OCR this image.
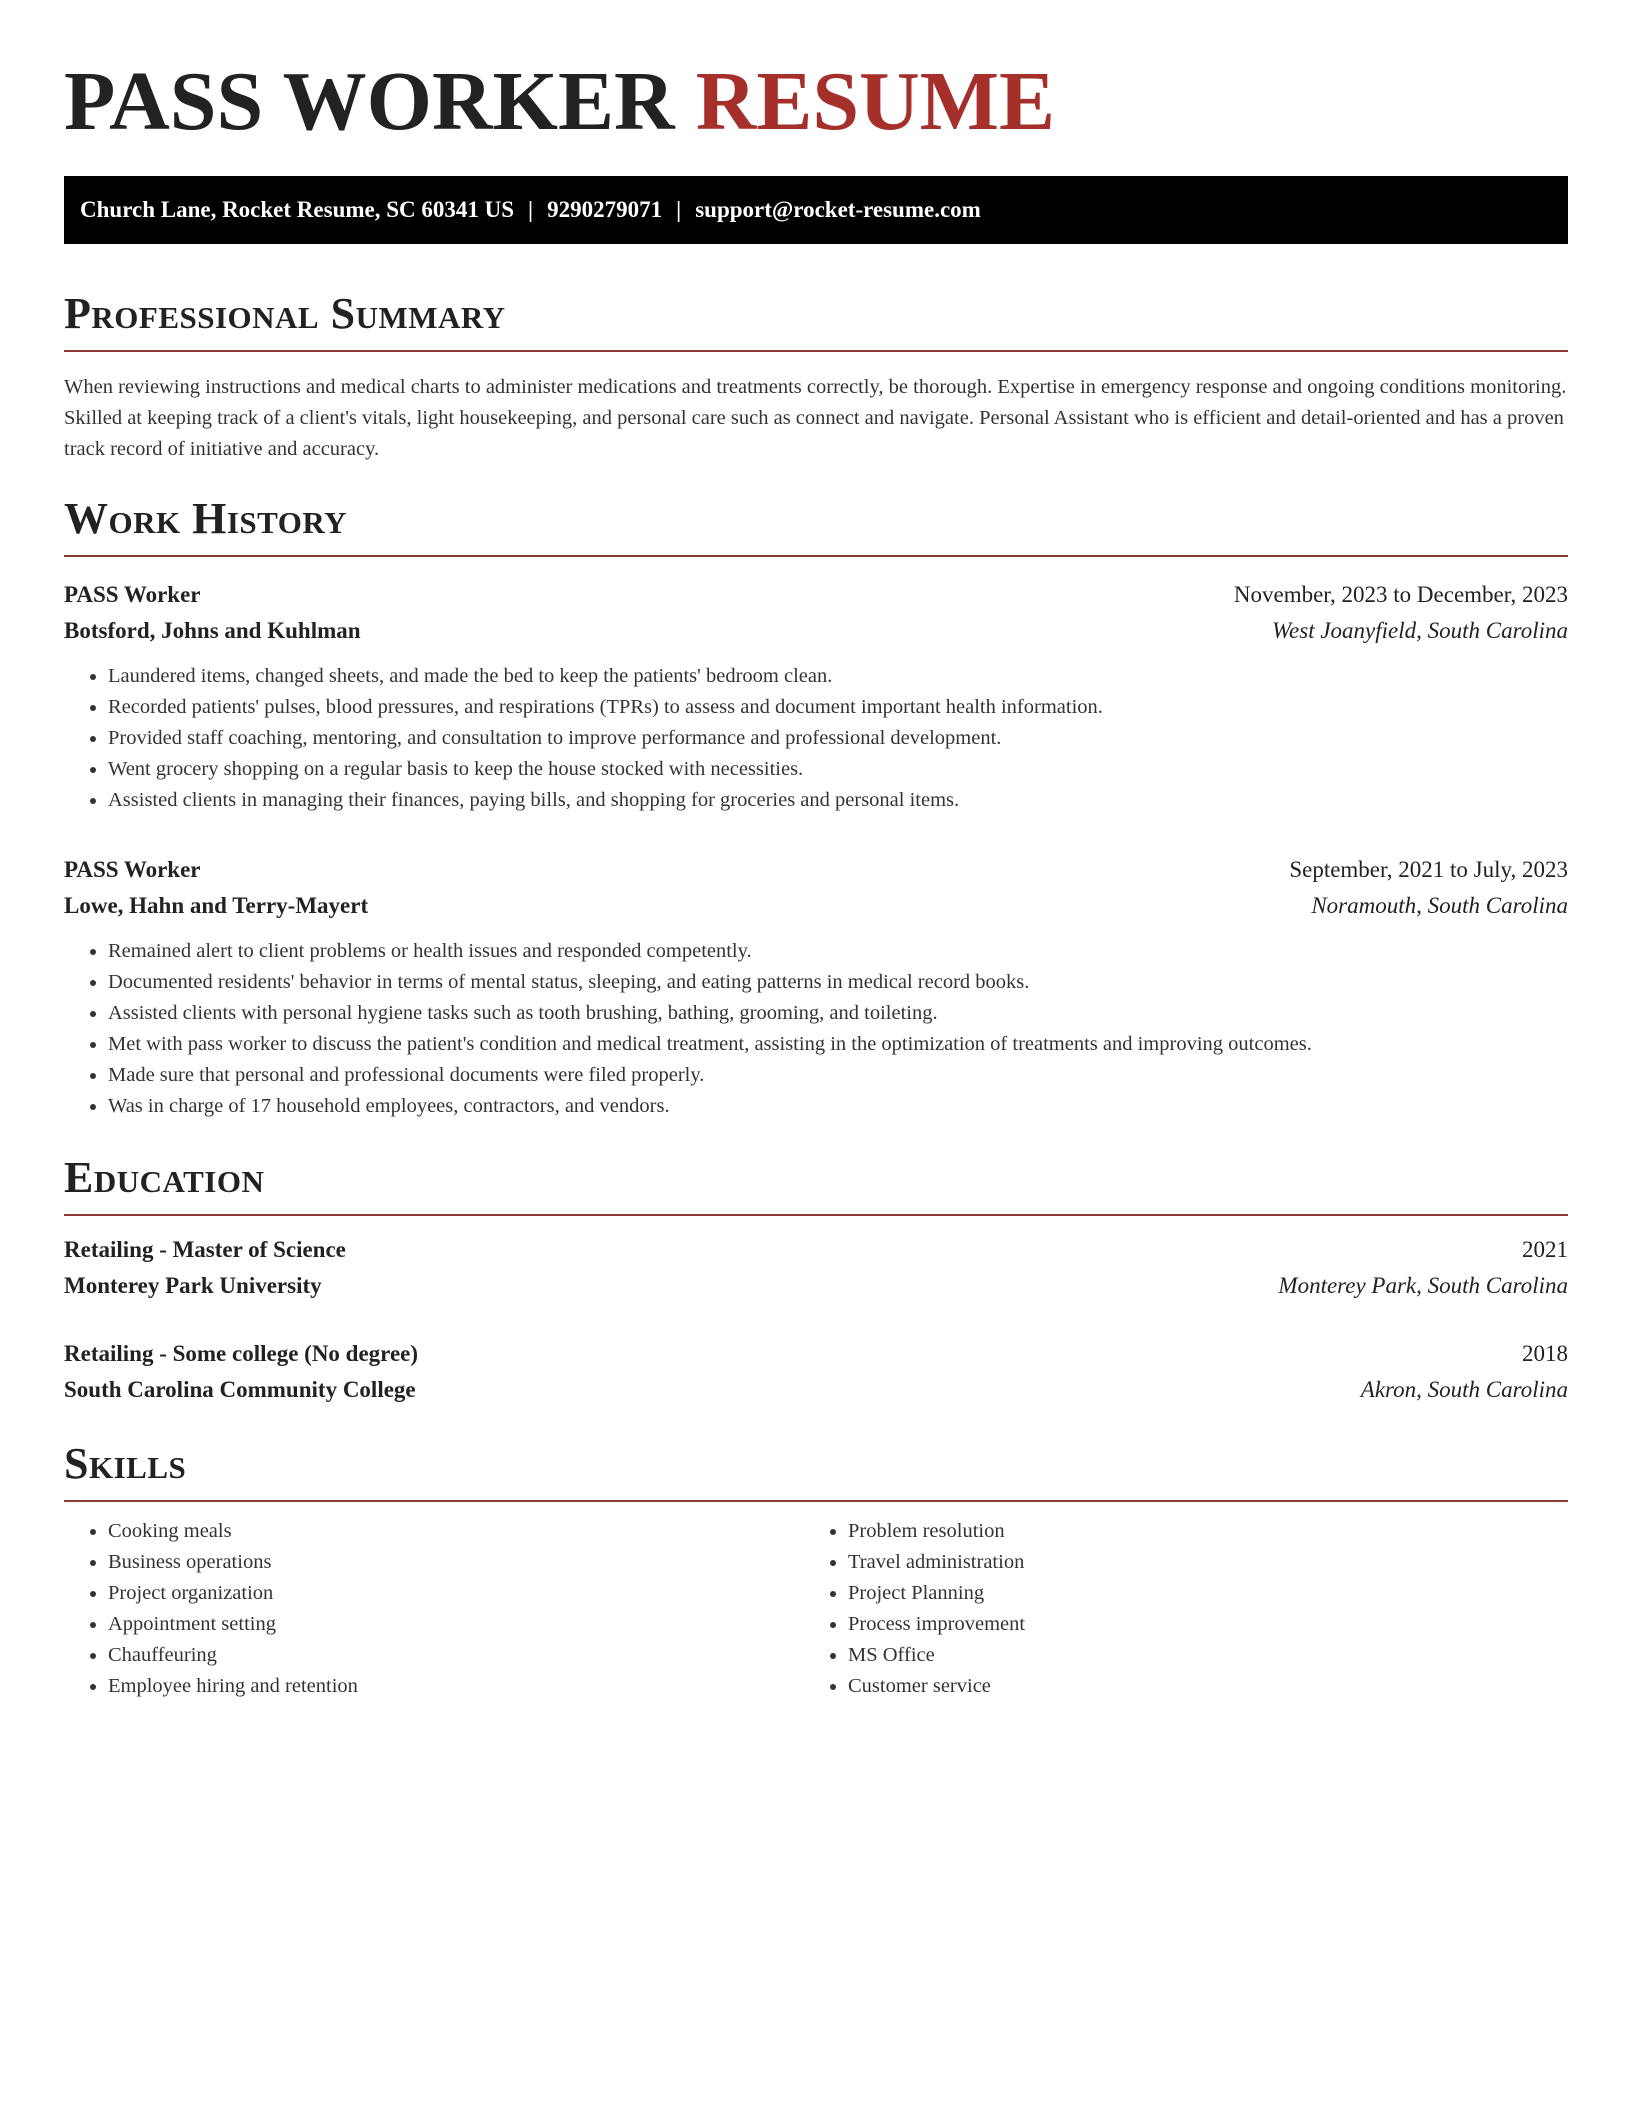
PASS WORKER RESUME
Church Lane, Rocket Resume, SC 60341 US | 9290279071 | support@rocket-resume.com
Professional Summary

When reviewing instructions and medical charts to administer medications and treatments correctly, be thorough. Expertise in emergency response and ongoing conditions monitoring. Skilled at keeping track of a client's vitals, light housekeeping, and personal care such as connect and navigate. Personal Assistant who is efficient and detail-oriented and has a proven track record of initiative and accuracy.

Work History
PASS Worker	November, 2023 to December, 2023
Botsford, Johns and Kuhlman	West Joanyfield, South Carolina
• Laundered items, changed sheets, and made the bed to keep the patients' bedroom clean.
• Recorded patients' pulses, blood pressures, and respirations (TPRs) to assess and document important health information.
• Provided staff coaching, mentoring, and consultation to improve performance and professional development.
• Went grocery shopping on a regular basis to keep the house stocked with necessities.
• Assisted clients in managing their finances, paying bills, and shopping for groceries and personal items.
PASS Worker	September, 2021 to July, 2023
Lowe, Hahn and Terry-Mayert	Noramouth, South Carolina
• Remained alert to client problems or health issues and responded competently.
• Documented residents' behavior in terms of mental status, sleeping, and eating patterns in medical record books.
• Assisted clients with personal hygiene tasks such as tooth brushing, bathing, grooming, and toileting.
• Met with pass worker to discuss the patient's condition and medical treatment, assisting in the optimization of treatments and improving outcomes.
• Made sure that personal and professional documents were filed properly.
• Was in charge of 17 household employees, contractors, and vendors.
Education
Retailing - Master of Science	2021
Monterey Park University	Monterey Park, South Carolina
Retailing - Some college (No degree)	2018
South Carolina Community College	Akron, South Carolina
Skills
• Cooking meals
• Business operations
• Project organization
• Appointment setting
• Chauffeuring
• Employee hiring and retention
• Problem resolution
• Travel administration
• Project Planning
• Process improvement
• MS Office
• Customer service
